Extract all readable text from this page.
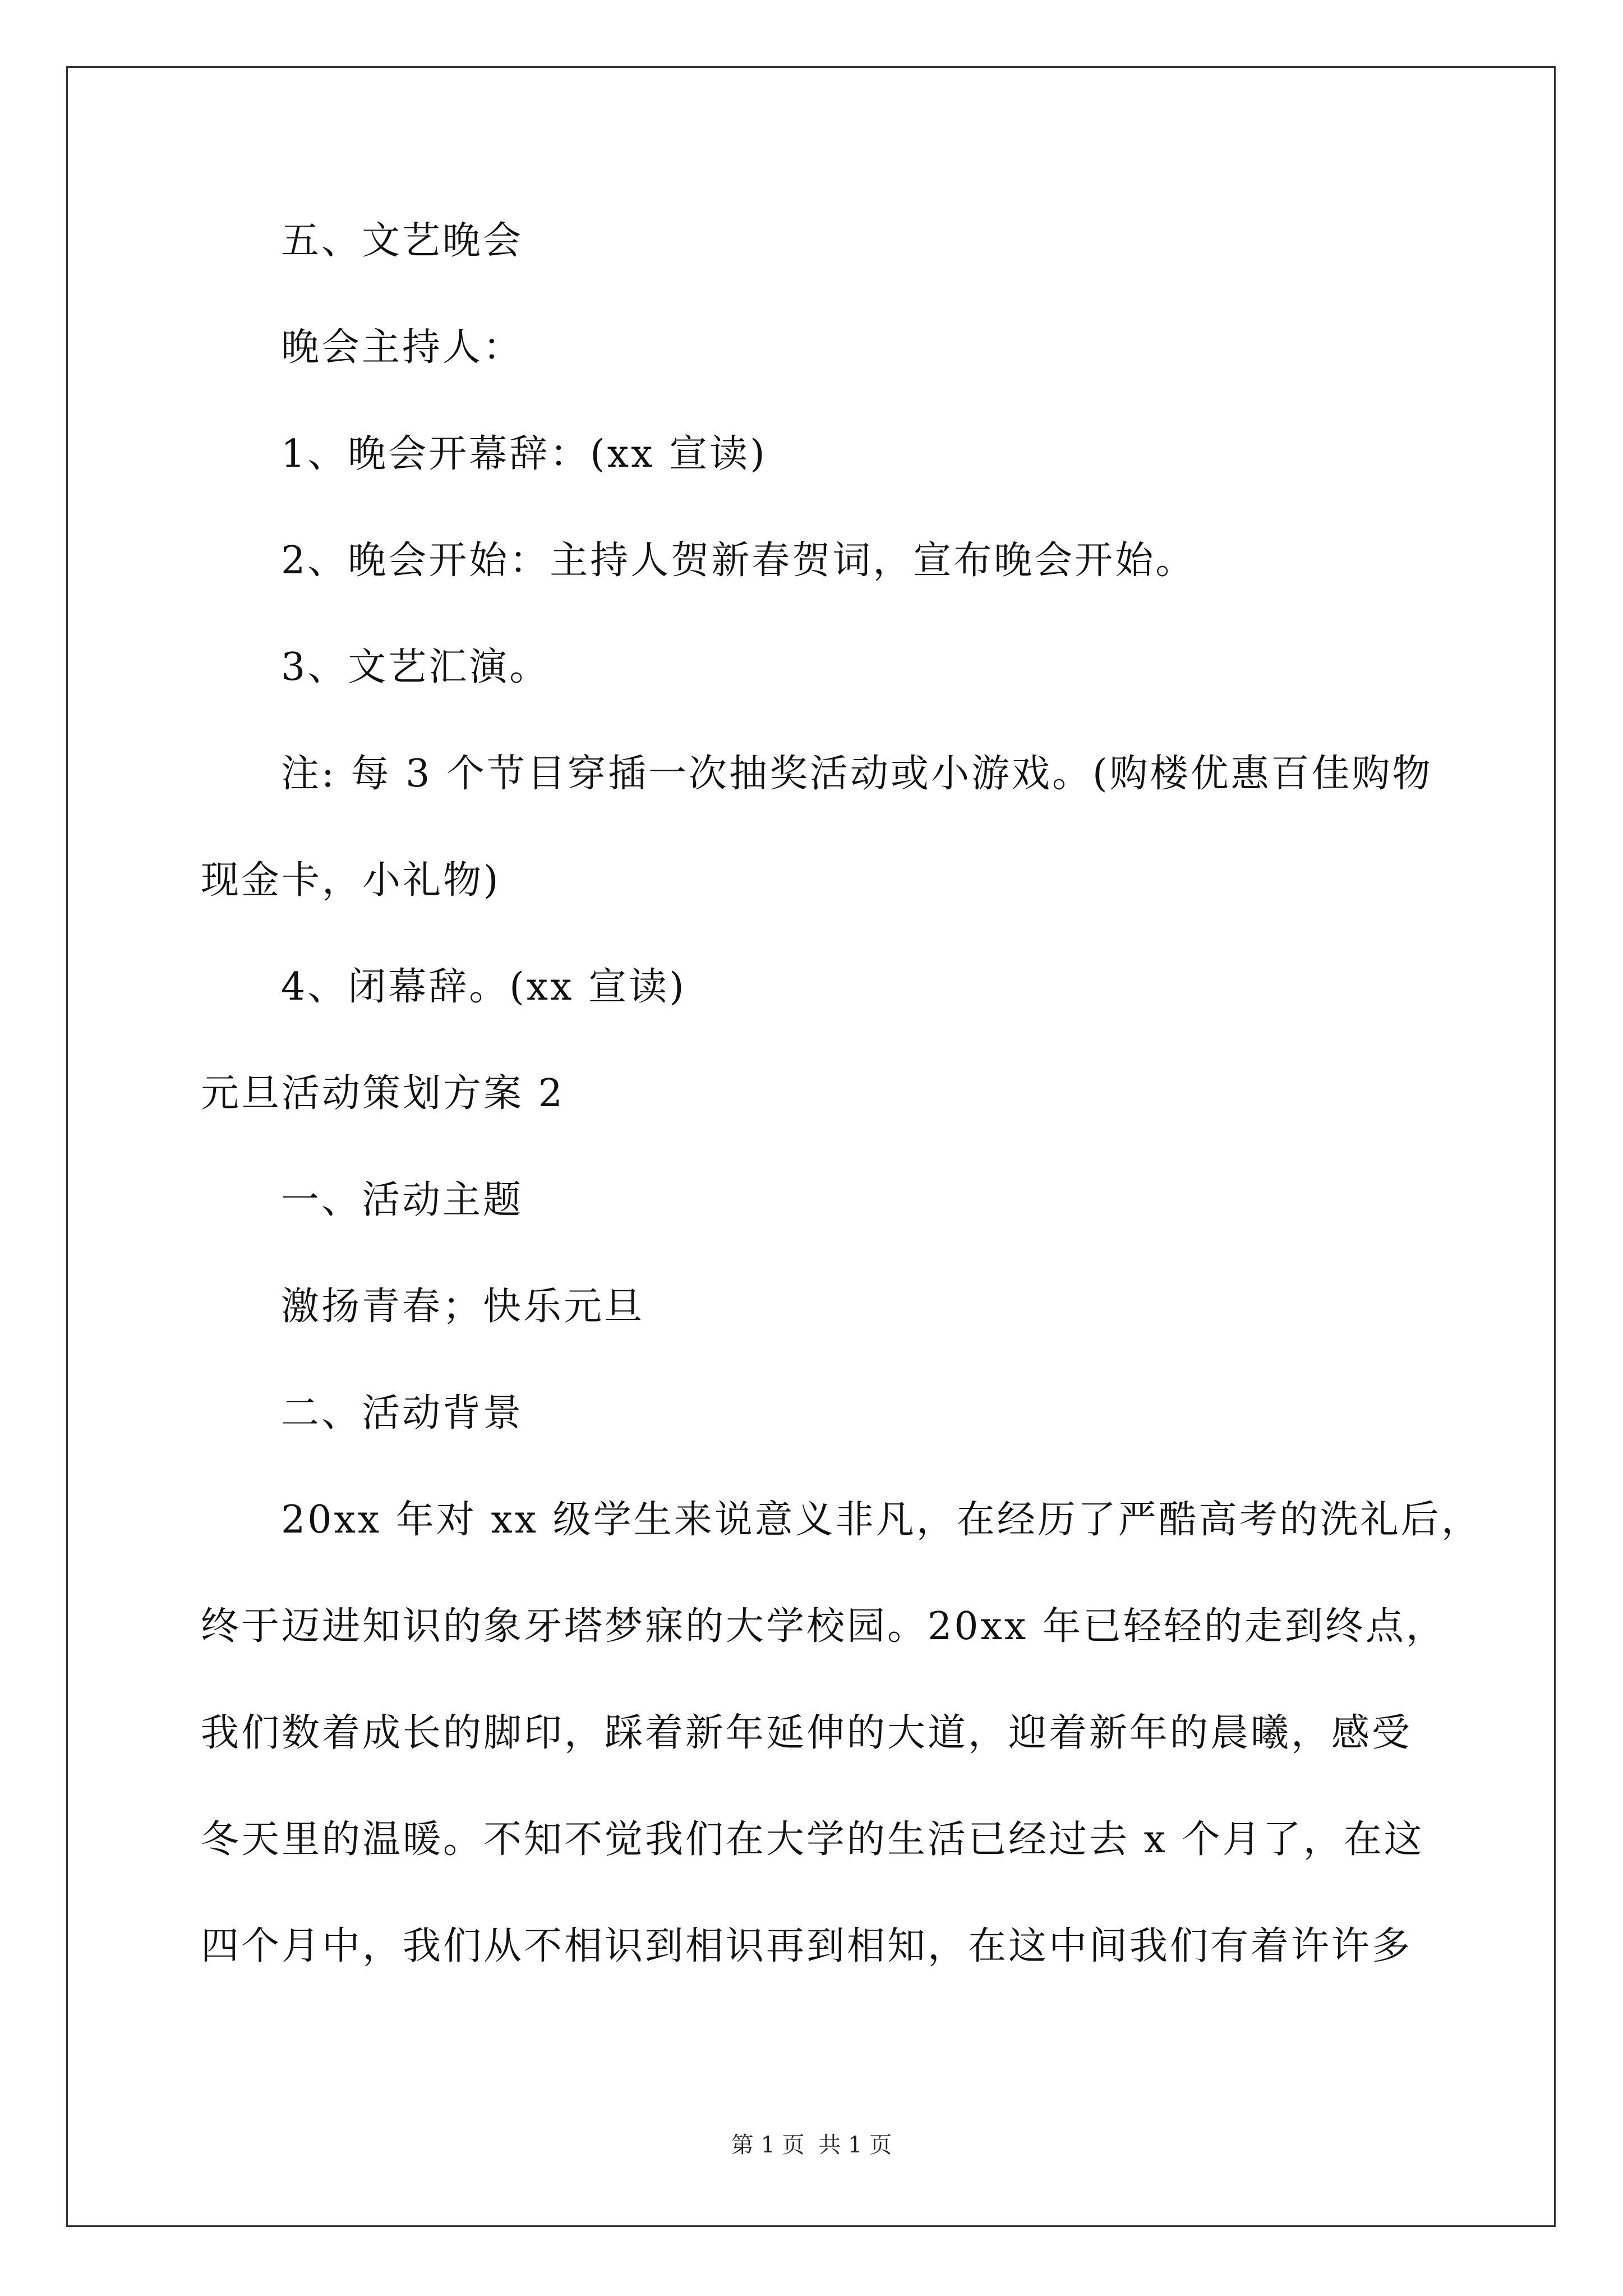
五、文艺晚会
晚会主持人：
1、晚会开幕辞：(xx 宣读)
2、晚会开始：主持人贺新春贺词，宣布晚会开始。
3、文艺汇演。
注: 每 3 个节目穿插一次抽奖活动或小游戏。(购楼优惠百佳购物
现金卡，小礼物)
4、闭幕辞。(xx 宣读)
元旦活动策划方案 2
一、活动主题
激扬青春；快乐元旦
二、活动背景
20xx 年对 xx 级学生来说意义非凡，在经历了严酷高考的洗礼后，
终于迈进知识的象牙塔梦寐的大学校园。20xx 年已轻轻的走到终点，
我们数着成长的脚印，踩着新年延伸的大道，迎着新年的晨曦，感受
冬天里的温暖。不知不觉我们在大学的生活已经过去 x 个月了，在这
四个月中，我们从不相识到相识再到相知，在这中间我们有着许许多
第 1 页 共 1 页
